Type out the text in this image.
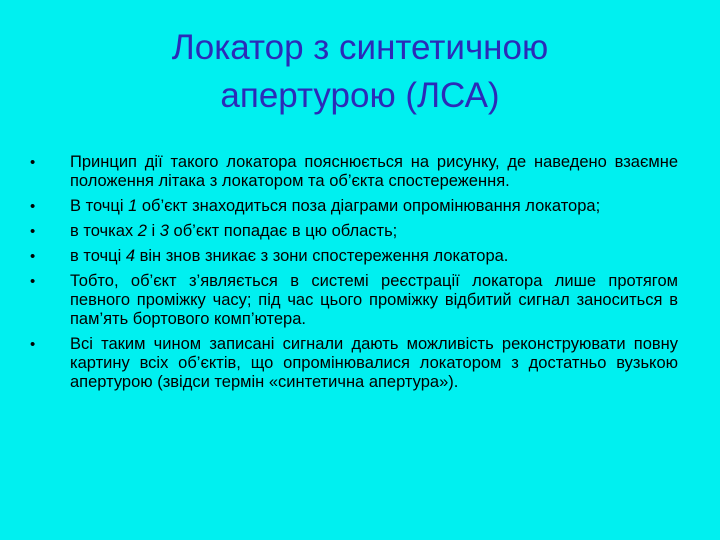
Локатор з синтетичною
апертурою (ЛСА)
•	Принцип дії такого локатора пояснюється на рисунку, де наведено взаємне положення літака з локатором та об’єкта спостереження.
•	В точці 1 об’єкт знаходиться поза діаграми опромінювання локатора;
•	в точках 2 і 3 об’єкт попадає в цю область;
•	в точці 4 він знов зникає з зони спостереження локатора.
•	Тобто, об’єкт з’являється в системі реєстрації локатора лише протягом певного проміжку часу; під час цього проміжку відбитий сигнал заноситься в пам’ять бортового комп’ютера.
•	Всі таким чином записані сигнали дають можливість реконструювати повну картину всіх об’єктів, що опромінювалися локатором з достатньо вузькою апертурою (звідси термін «синтетична апертура»).
